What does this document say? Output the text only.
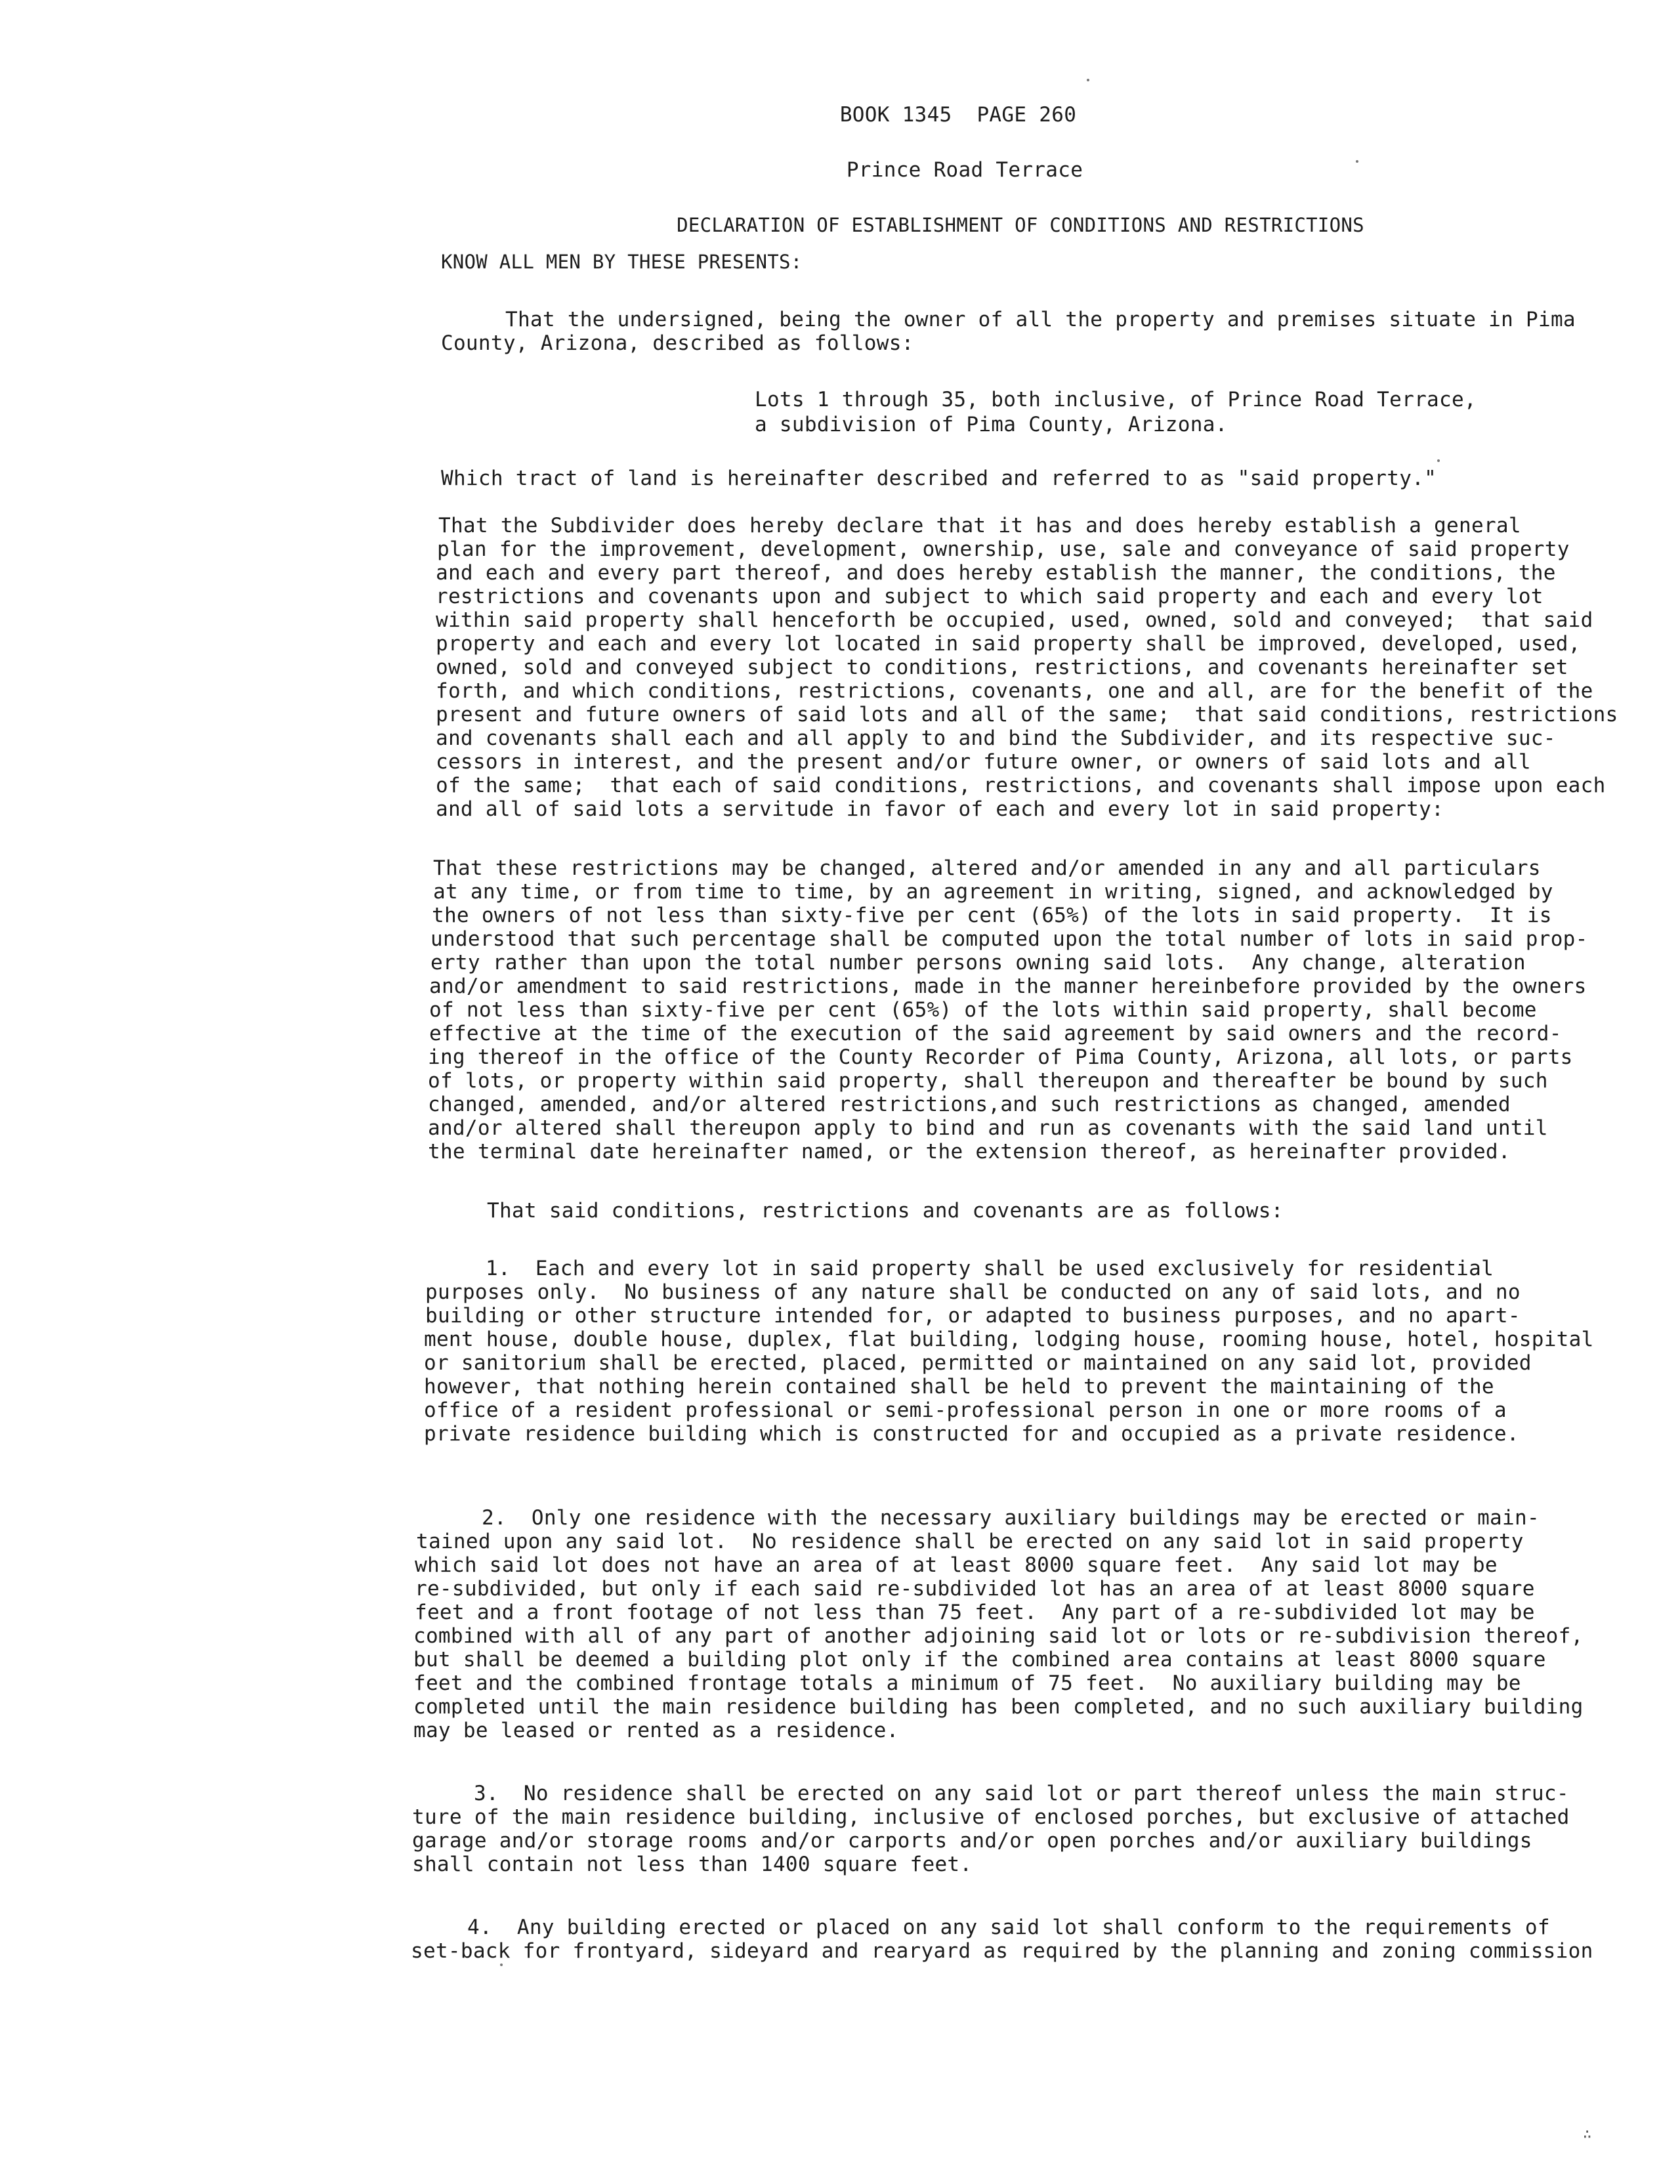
BOOK 1345  PAGE 260
Prince Road Terrace
DECLARATION OF ESTABLISHMENT OF CONDITIONS AND RESTRICTIONS
KNOW ALL MEN BY THESE PRESENTS:
That the undersigned, being the owner of all the property and premises situate in Pima
County, Arizona, described as follows:
Lots 1 through 35, both inclusive, of Prince Road Terrace,
a subdivision of Pima County, Arizona.
Which tract of land is hereinafter described and referred to as "said property."
That the Subdivider does hereby declare that it has and does hereby establish a general
plan for the improvement, development, ownership, use, sale and conveyance of said property
and each and every part thereof, and does hereby establish the manner, the conditions, the
restrictions and covenants upon and subject to which said property and each and every lot
within said property shall henceforth be occupied, used, owned, sold and conveyed;  that said
property and each and every lot located in said property shall be improved, developed, used,
owned, sold and conveyed subject to conditions, restrictions, and covenants hereinafter set
forth, and which conditions, restrictions, covenants, one and all, are for the benefit of the
present and future owners of said lots and all of the same;  that said conditions, restrictions
and covenants shall each and all apply to and bind the Subdivider, and its respective suc-
cessors in interest, and the present and/or future owner, or owners of said lots and all
of the same;  that each of said conditions, restrictions, and covenants shall impose upon each
and all of said lots a servitude in favor of each and every lot in said property:
That these restrictions may be changed, altered and/or amended in any and all particulars
at any time, or from time to time, by an agreement in writing, signed, and acknowledged by
the owners of not less than sixty-five per cent (65%) of the lots in said property.  It is
understood that such percentage shall be computed upon the total number of lots in said prop-
erty rather than upon the total number persons owning said lots.  Any change, alteration
and/or amendment to said restrictions, made in the manner hereinbefore provided by the owners
of not less than sixty-five per cent (65%) of the lots within said property, shall become
effective at the time of the execution of the said agreement by said owners and the record-
ing thereof in the office of the County Recorder of Pima County, Arizona, all lots, or parts
of lots, or property within said property, shall thereupon and thereafter be bound by such
changed, amended, and/or altered restrictions,and such restrictions as changed, amended
and/or altered shall thereupon apply to bind and run as covenants with the said land until
the terminal date hereinafter named, or the extension thereof, as hereinafter provided.
That said conditions, restrictions and covenants are as follows:
1.  Each and every lot in said property shall be used exclusively for residential
purposes only.  No business of any nature shall be conducted on any of said lots, and no
building or other structure intended for, or adapted to business purposes, and no apart-
ment house, double house, duplex, flat building, lodging house, rooming house, hotel, hospital
or sanitorium shall be erected, placed, permitted or maintained on any said lot, provided
however, that nothing herein contained shall be held to prevent the maintaining of the
office of a resident professional or semi-professional person in one or more rooms of a
private residence building which is constructed for and occupied as a private residence.
2.  Only one residence with the necessary auxiliary buildings may be erected or main-
tained upon any said lot.  No residence shall be erected on any said lot in said property
which said lot does not have an area of at least 8000 square feet.  Any said lot may be
re-subdivided, but only if each said re-subdivided lot has an area of at least 8000 square
feet and a front footage of not less than 75 feet.  Any part of a re-subdivided lot may be
combined with all of any part of another adjoining said lot or lots or re-subdivision thereof,
but shall be deemed a building plot only if the combined area contains at least 8000 square
feet and the combined frontage totals a minimum of 75 feet.  No auxiliary building may be
completed until the main residence building has been completed, and no such auxiliary building
may be leased or rented as a residence.
3.  No residence shall be erected on any said lot or part thereof unless the main struc-
ture of the main residence building, inclusive of enclosed porches, but exclusive of attached
garage and/or storage rooms and/or carports and/or open porches and/or auxiliary buildings
shall contain not less than 1400 square feet.
4.  Any building erected or placed on any said lot shall conform to the requirements of
set-back for frontyard, sideyard and rearyard as required by the planning and zoning commission
∴
